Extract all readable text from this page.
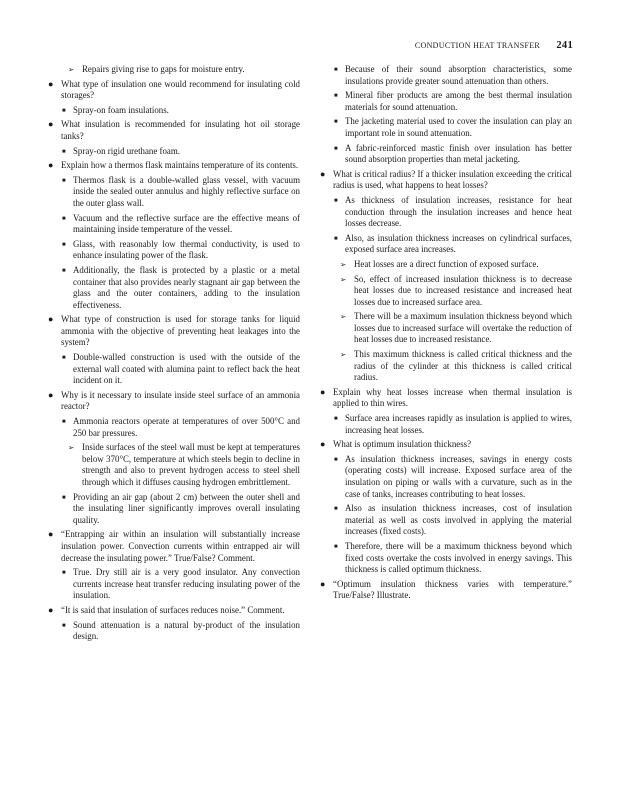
CONDUCTION HEAT TRANSFER 241
➢ Repairs giving rise to gaps for moisture entry.
● What type of insulation one would recommend for insulating cold storages?
■ Spray-on foam insulations.
● What insulation is recommended for insulating hot oil storage tanks?
■ Spray-on rigid urethane foam.
● Explain how a thermos flask maintains temperature of its contents.
■ Thermos flask is a double-walled glass vessel, with vacuum inside the sealed outer annulus and highly reflective surface on the outer glass wall.
■ Vacuum and the reflective surface are the effective means of maintaining inside temperature of the vessel.
■ Glass, with reasonably low thermal conductivity, is used to enhance insulating power of the flask.
■ Additionally, the flask is protected by a plastic or a metal container that also provides nearly stagnant air gap between the glass and the outer containers, adding to the insulation effectiveness.
● What type of construction is used for storage tanks for liquid ammonia with the objective of preventing heat leakages into the system?
■ Double-walled construction is used with the outside of the external wall coated with alumina paint to reflect back the heat incident on it.
● Why is it necessary to insulate inside steel surface of an ammonia reactor?
■ Ammonia reactors operate at temperatures of over 500°C and 250 bar pressures.
➢ Inside surfaces of the steel wall must be kept at temperatures below 370°C, temperature at which steels begin to decline in strength and also to prevent hydrogen access to steel shell through which it diffuses causing hydrogen embrittlement.
■ Providing an air gap (about 2 cm) between the outer shell and the insulating liner significantly improves overall insulating quality.
● “Entrapping air within an insulation will substantially increase insulation power. Convection currents within entrapped air will decrease the insulating power.” True/False? Comment.
■ True. Dry still air is a very good insulator. Any convection currents increase heat transfer reducing insulating power of the insulation.
● “It is said that insulation of surfaces reduces noise.” Comment.
■ Sound attenuation is a natural by-product of the insulation design.
■ Because of their sound absorption characteristics, some insulations provide greater sound attenuation than others.
■ Mineral fiber products are among the best thermal insulation materials for sound attenuation.
■ The jacketing material used to cover the insulation can play an important role in sound attenuation.
■ A fabric-reinforced mastic finish over insulation has better sound absorption properties than metal jacketing.
● What is critical radius? If a thicker insulation exceeding the critical radius is used, what happens to heat losses?
■ As thickness of insulation increases, resistance for heat conduction through the insulation increases and hence heat losses decrease.
■ Also, as insulation thickness increases on cylindrical surfaces, exposed surface area increases.
➢ Heat losses are a direct function of exposed surface.
➢ So, effect of increased insulation thickness is to decrease heat losses due to increased resistance and increased heat losses due to increased surface area.
➢ There will be a maximum insulation thickness beyond which losses due to increased surface will overtake the reduction of heat losses due to increased resistance.
➢ This maximum thickness is called critical thickness and the radius of the cylinder at this thickness is called critical radius.
● Explain why heat losses increase when thermal insulation is applied to thin wires.
■ Surface area increases rapidly as insulation is applied to wires, increasing heat losses.
● What is optimum insulation thickness?
■ As insulation thickness increases, savings in energy costs (operating costs) will increase. Exposed surface area of the insulation on piping or walls with a curvature, such as in the case of tanks, increases contributing to heat losses.
■ Also as insulation thickness increases, cost of insulation material as well as costs involved in applying the material increases (fixed costs).
■ Therefore, there will be a maximum thickness beyond which fixed costs overtake the costs involved in energy savings. This thickness is called optimum thickness.
● “Optimum insulation thickness varies with temperature.” True/False? Illustrate.
